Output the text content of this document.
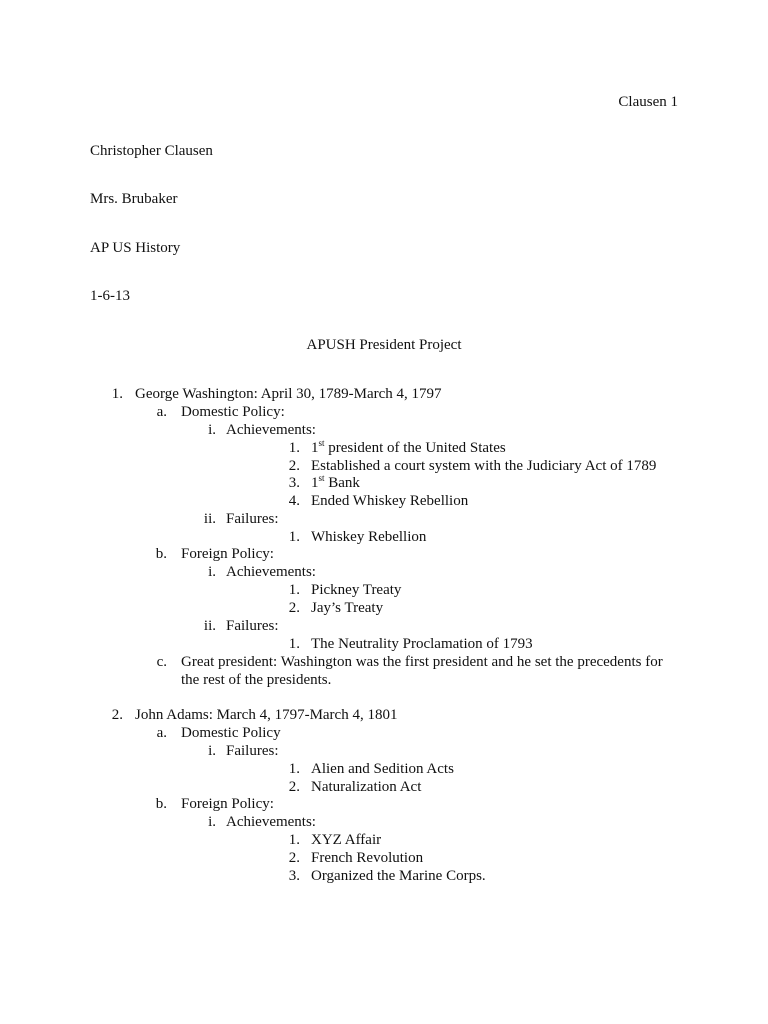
Clausen 1
Christopher Clausen
Mrs. Brubaker
AP US History
1-6-13
APUSH President Project
1. George Washington: April 30, 1789-March 4, 1797
a. Domestic Policy:
i. Achievements:
1. 1st president of the United States
2. Established a court system with the Judiciary Act of 1789
3. 1st Bank
4. Ended Whiskey Rebellion
ii. Failures:
1. Whiskey Rebellion
b. Foreign Policy:
i. Achievements:
1. Pickney Treaty
2. Jay’s Treaty
ii. Failures:
1. The Neutrality Proclamation of 1793
c. Great president: Washington was the first president and he set the precedents for
the rest of the presidents.
2. John Adams: March 4, 1797-March 4, 1801
a. Domestic Policy
i. Failures:
1. Alien and Sedition Acts
2. Naturalization Act
b. Foreign Policy:
i. Achievements:
1. XYZ Affair
2. French Revolution
3. Organized the Marine Corps.
